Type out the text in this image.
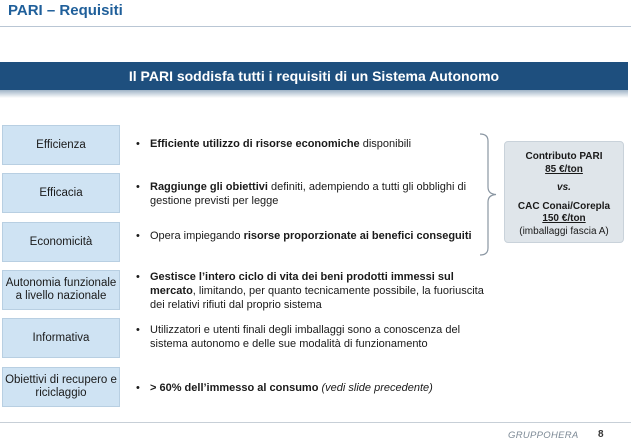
PARI – Requisiti
Il PARI soddisfa tutti i requisiti di un Sistema Autonomo
Efficienza
Efficacia
Economicità
Autonomia funzionale a livello nazionale
Informativa
Obiettivi di recupero e riciclaggio
• Efficiente utilizzo di risorse economiche disponibili
• Raggiunge gli obiettivi definiti, adempiendo a tutti gli obblighi di gestione previsti per legge
• Opera impiegando risorse proporzionate ai benefici conseguiti
• Gestisce l’intero ciclo di vita dei beni prodotti immessi sul mercato, limitando, per quanto tecnicamente possibile, la fuoriuscita dei relativi rifiuti dal proprio sistema
• Utilizzatori e utenti finali degli imballaggi sono a conoscenza del sistema autonomo e delle sue modalità di funzionamento
• > 60% dell’immesso al consumo (vedi slide precedente)
Contributo PARI
85 €/ton
vs.
CAC Conai/Corepla
150 €/ton
(imballaggi fascia A)
GRUPPOHERA 8
